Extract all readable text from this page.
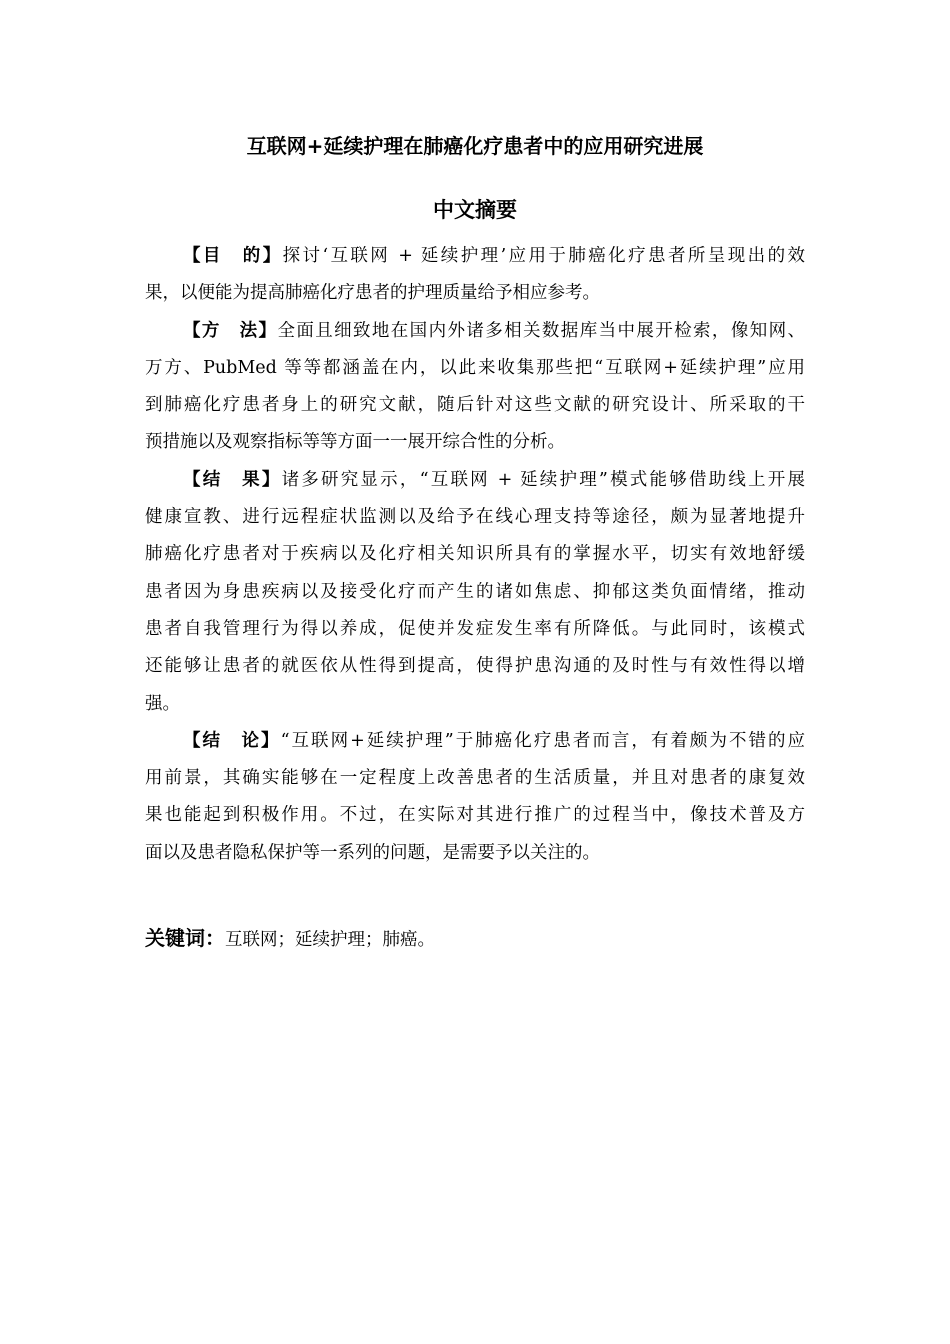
互联网+延续护理在肺癌化疗患者中的应用研究进展
中文摘要
【目　的】探讨‘互联网 + 延续护理’应用于肺癌化疗患者所呈现出的效
果，以便能为提高肺癌化疗患者的护理质量给予相应参考。
【方　法】全面且细致地在国内外诸多相关数据库当中展开检索，像知网、
万方、PubMed 等等都涵盖在内，以此来收集那些把“互联网+延续护理”应用
到肺癌化疗患者身上的研究文献，随后针对这些文献的研究设计、所采取的干
预措施以及观察指标等等方面一一展开综合性的分析。
【结　果】诸多研究显示，“互联网 + 延续护理”模式能够借助线上开展
健康宣教、进行远程症状监测以及给予在线心理支持等途径，颇为显著地提升
肺癌化疗患者对于疾病以及化疗相关知识所具有的掌握水平，切实有效地舒缓
患者因为身患疾病以及接受化疗而产生的诸如焦虑、抑郁这类负面情绪，推动
患者自我管理行为得以养成，促使并发症发生率有所降低。与此同时，该模式
还能够让患者的就医依从性得到提高，使得护患沟通的及时性与有效性得以增
强。
【结　论】“互联网+延续护理”于肺癌化疗患者而言，有着颇为不错的应
用前景，其确实能够在一定程度上改善患者的生活质量，并且对患者的康复效
果也能起到积极作用。不过，在实际对其进行推广的过程当中，像技术普及方
面以及患者隐私保护等一系列的问题，是需要予以关注的。
关键词：互联网；延续护理；肺癌。
